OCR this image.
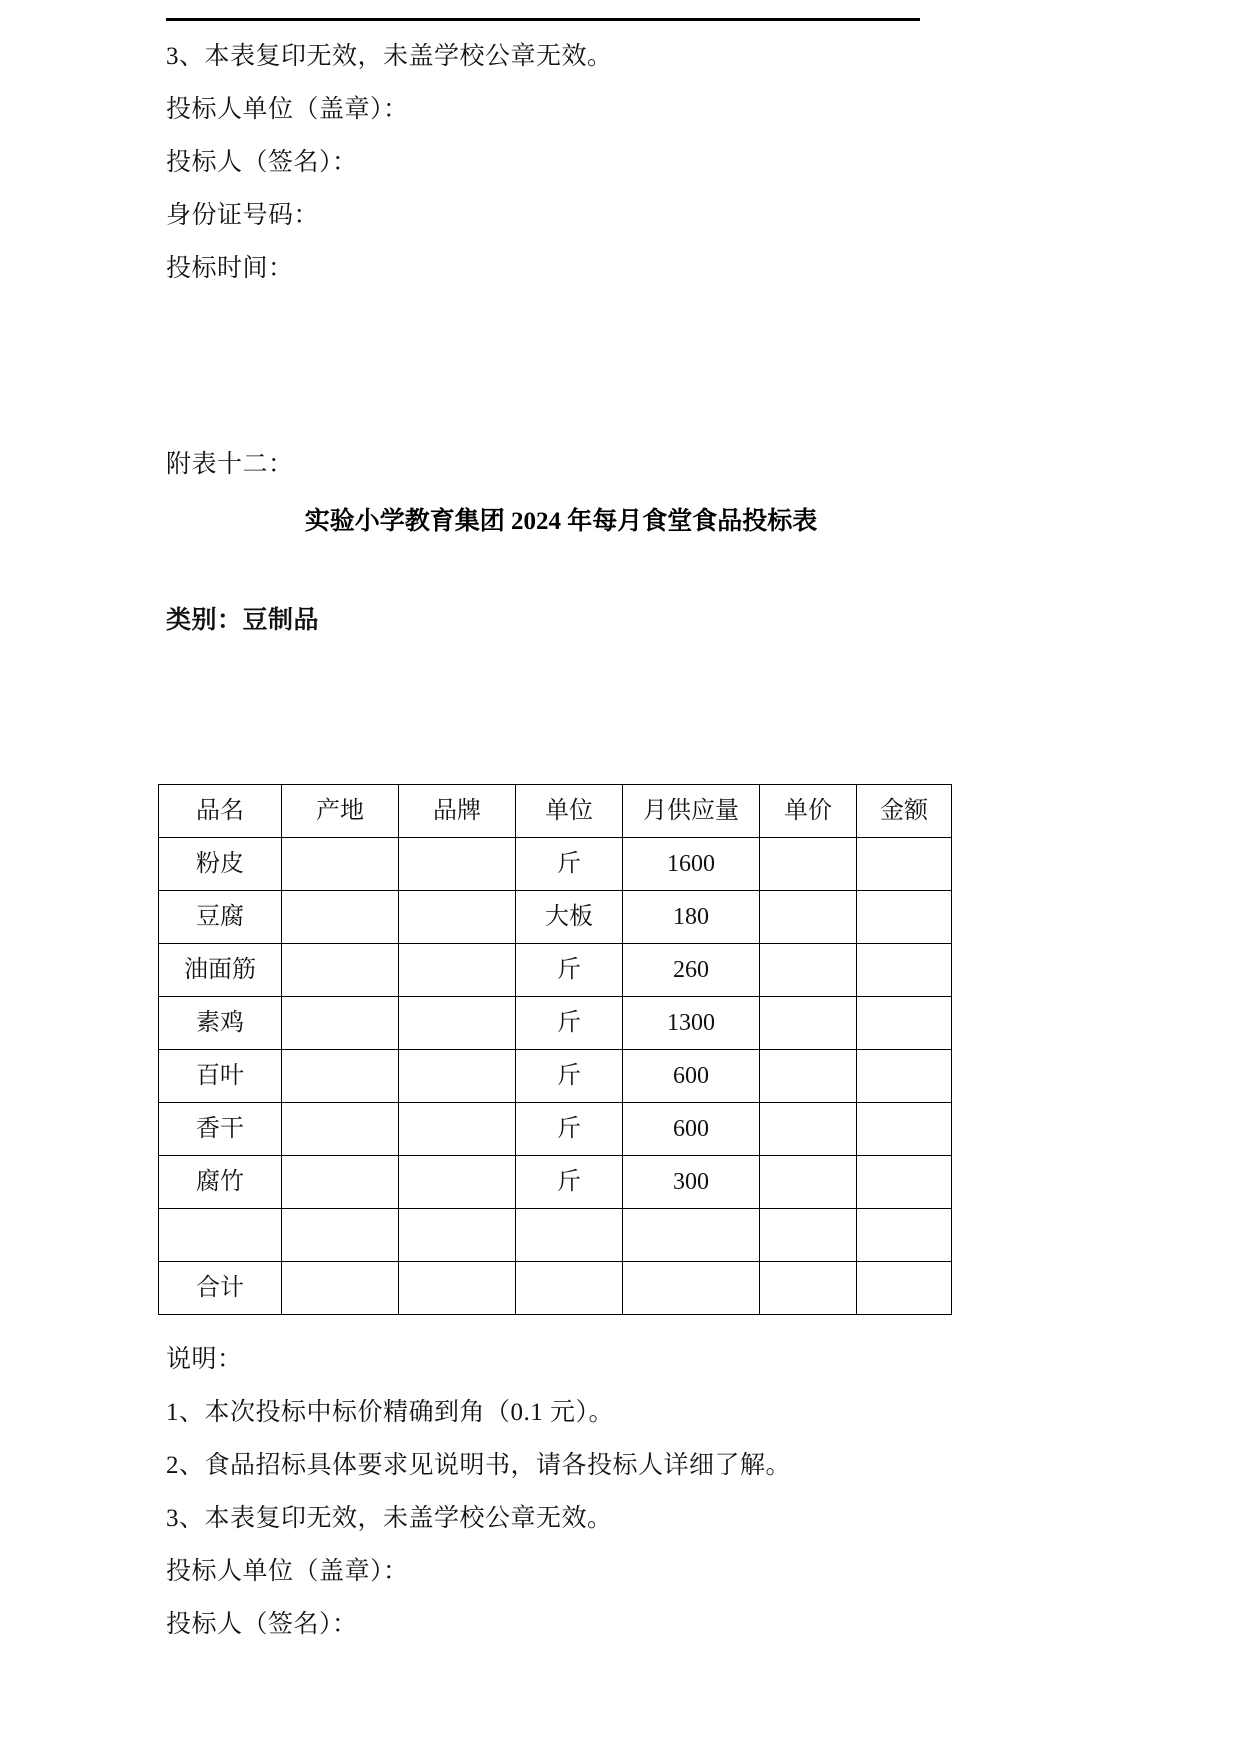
3、本表复印无效，未盖学校公章无效。
投标人单位（盖章）：
投标人（签名）：
身份证号码：
投标时间：
附表十二：
实验小学教育集团 2024 年每月食堂食品投标表
类别：豆制品
品名	产地	品牌	单位	月供应量	单价	金额
粉皮			斤	1600		
豆腐			大板	180		
油面筋			斤	260		
素鸡			斤	1300		
百叶			斤	600		
香干			斤	600		
腐竹			斤	300		

合计						
说明：
1、本次投标中标价精确到角（0.1 元）。
2、食品招标具体要求见说明书，请各投标人详细了解。
3、本表复印无效，未盖学校公章无效。
投标人单位（盖章）：
投标人（签名）：
